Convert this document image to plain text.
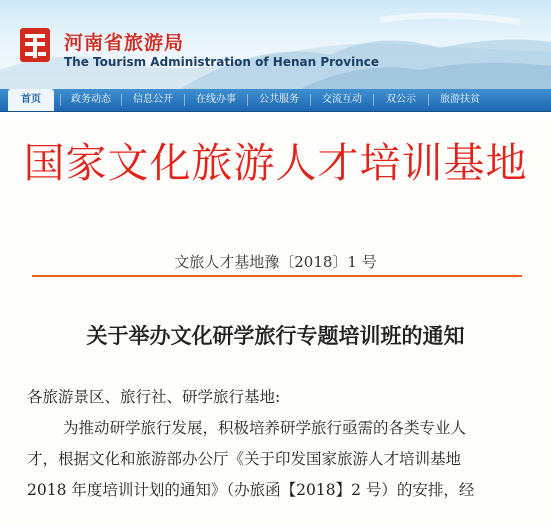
河南省旅游局
The Tourism Administration of Henan Province
首页	政务动态	信息公开	在线办事	公共服务	交流互动	双公示	旅游扶贫
国家文化旅游人才培训基地
文旅人才基地豫〔2018〕1 号
关于举办文化研学旅行专题培训班的通知
各旅游景区、旅行社、研学旅行基地:
为推动研学旅行发展，积极培养研学旅行亟需的各类专业人
才，根据文化和旅游部办公厅《关于印发国家旅游人才培训基地
2018 年度培训计划的通知》（办旅函【2018】2 号）的安排，经
